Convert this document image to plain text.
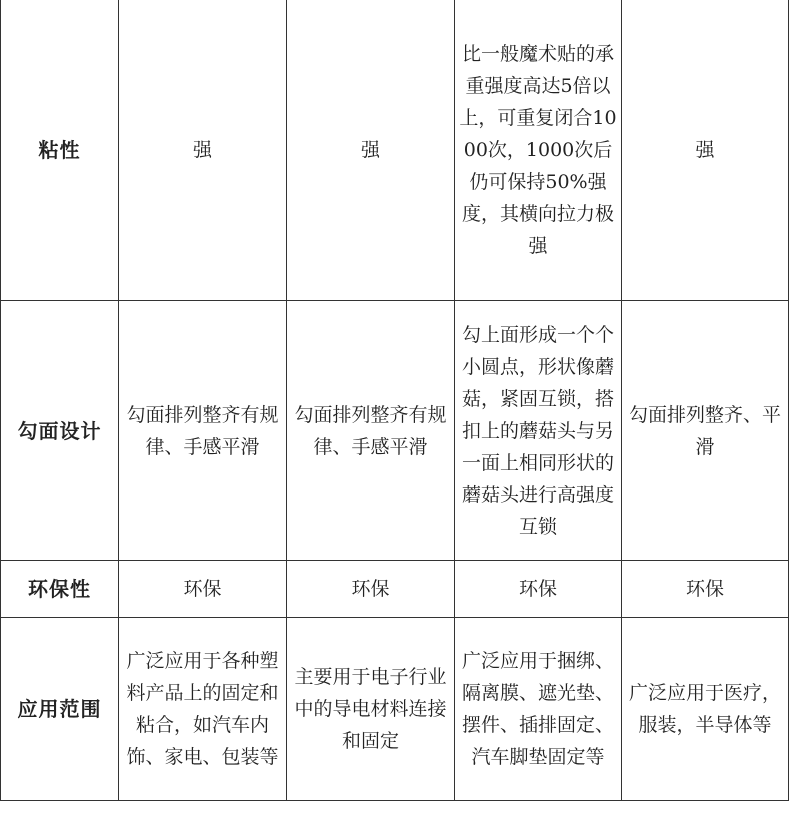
粘性	强	强	比一般魔术贴的承重强度高达5倍以上，可重复闭合1000次，1000次后仍可保持50%强度，其横向拉力极强	强
勾面设计	勾面排列整齐有规律、手感平滑	勾面排列整齐有规律、手感平滑	勾上面形成一个个小圆点，形状像蘑菇，紧固互锁，搭扣上的蘑菇头与另一面上相同形状的蘑菇头进行高强度互锁	勾面排列整齐、平滑
环保性	环保	环保	环保	环保
应用范围	广泛应用于各种塑料产品上的固定和粘合，如汽车内饰、家电、包装等	主要用于电子行业中的导电材料连接和固定	广泛应用于捆绑、隔离膜、遮光垫、摆件、插排固定、汽车脚垫固定等	广泛应用于医疗，服装，半导体等
